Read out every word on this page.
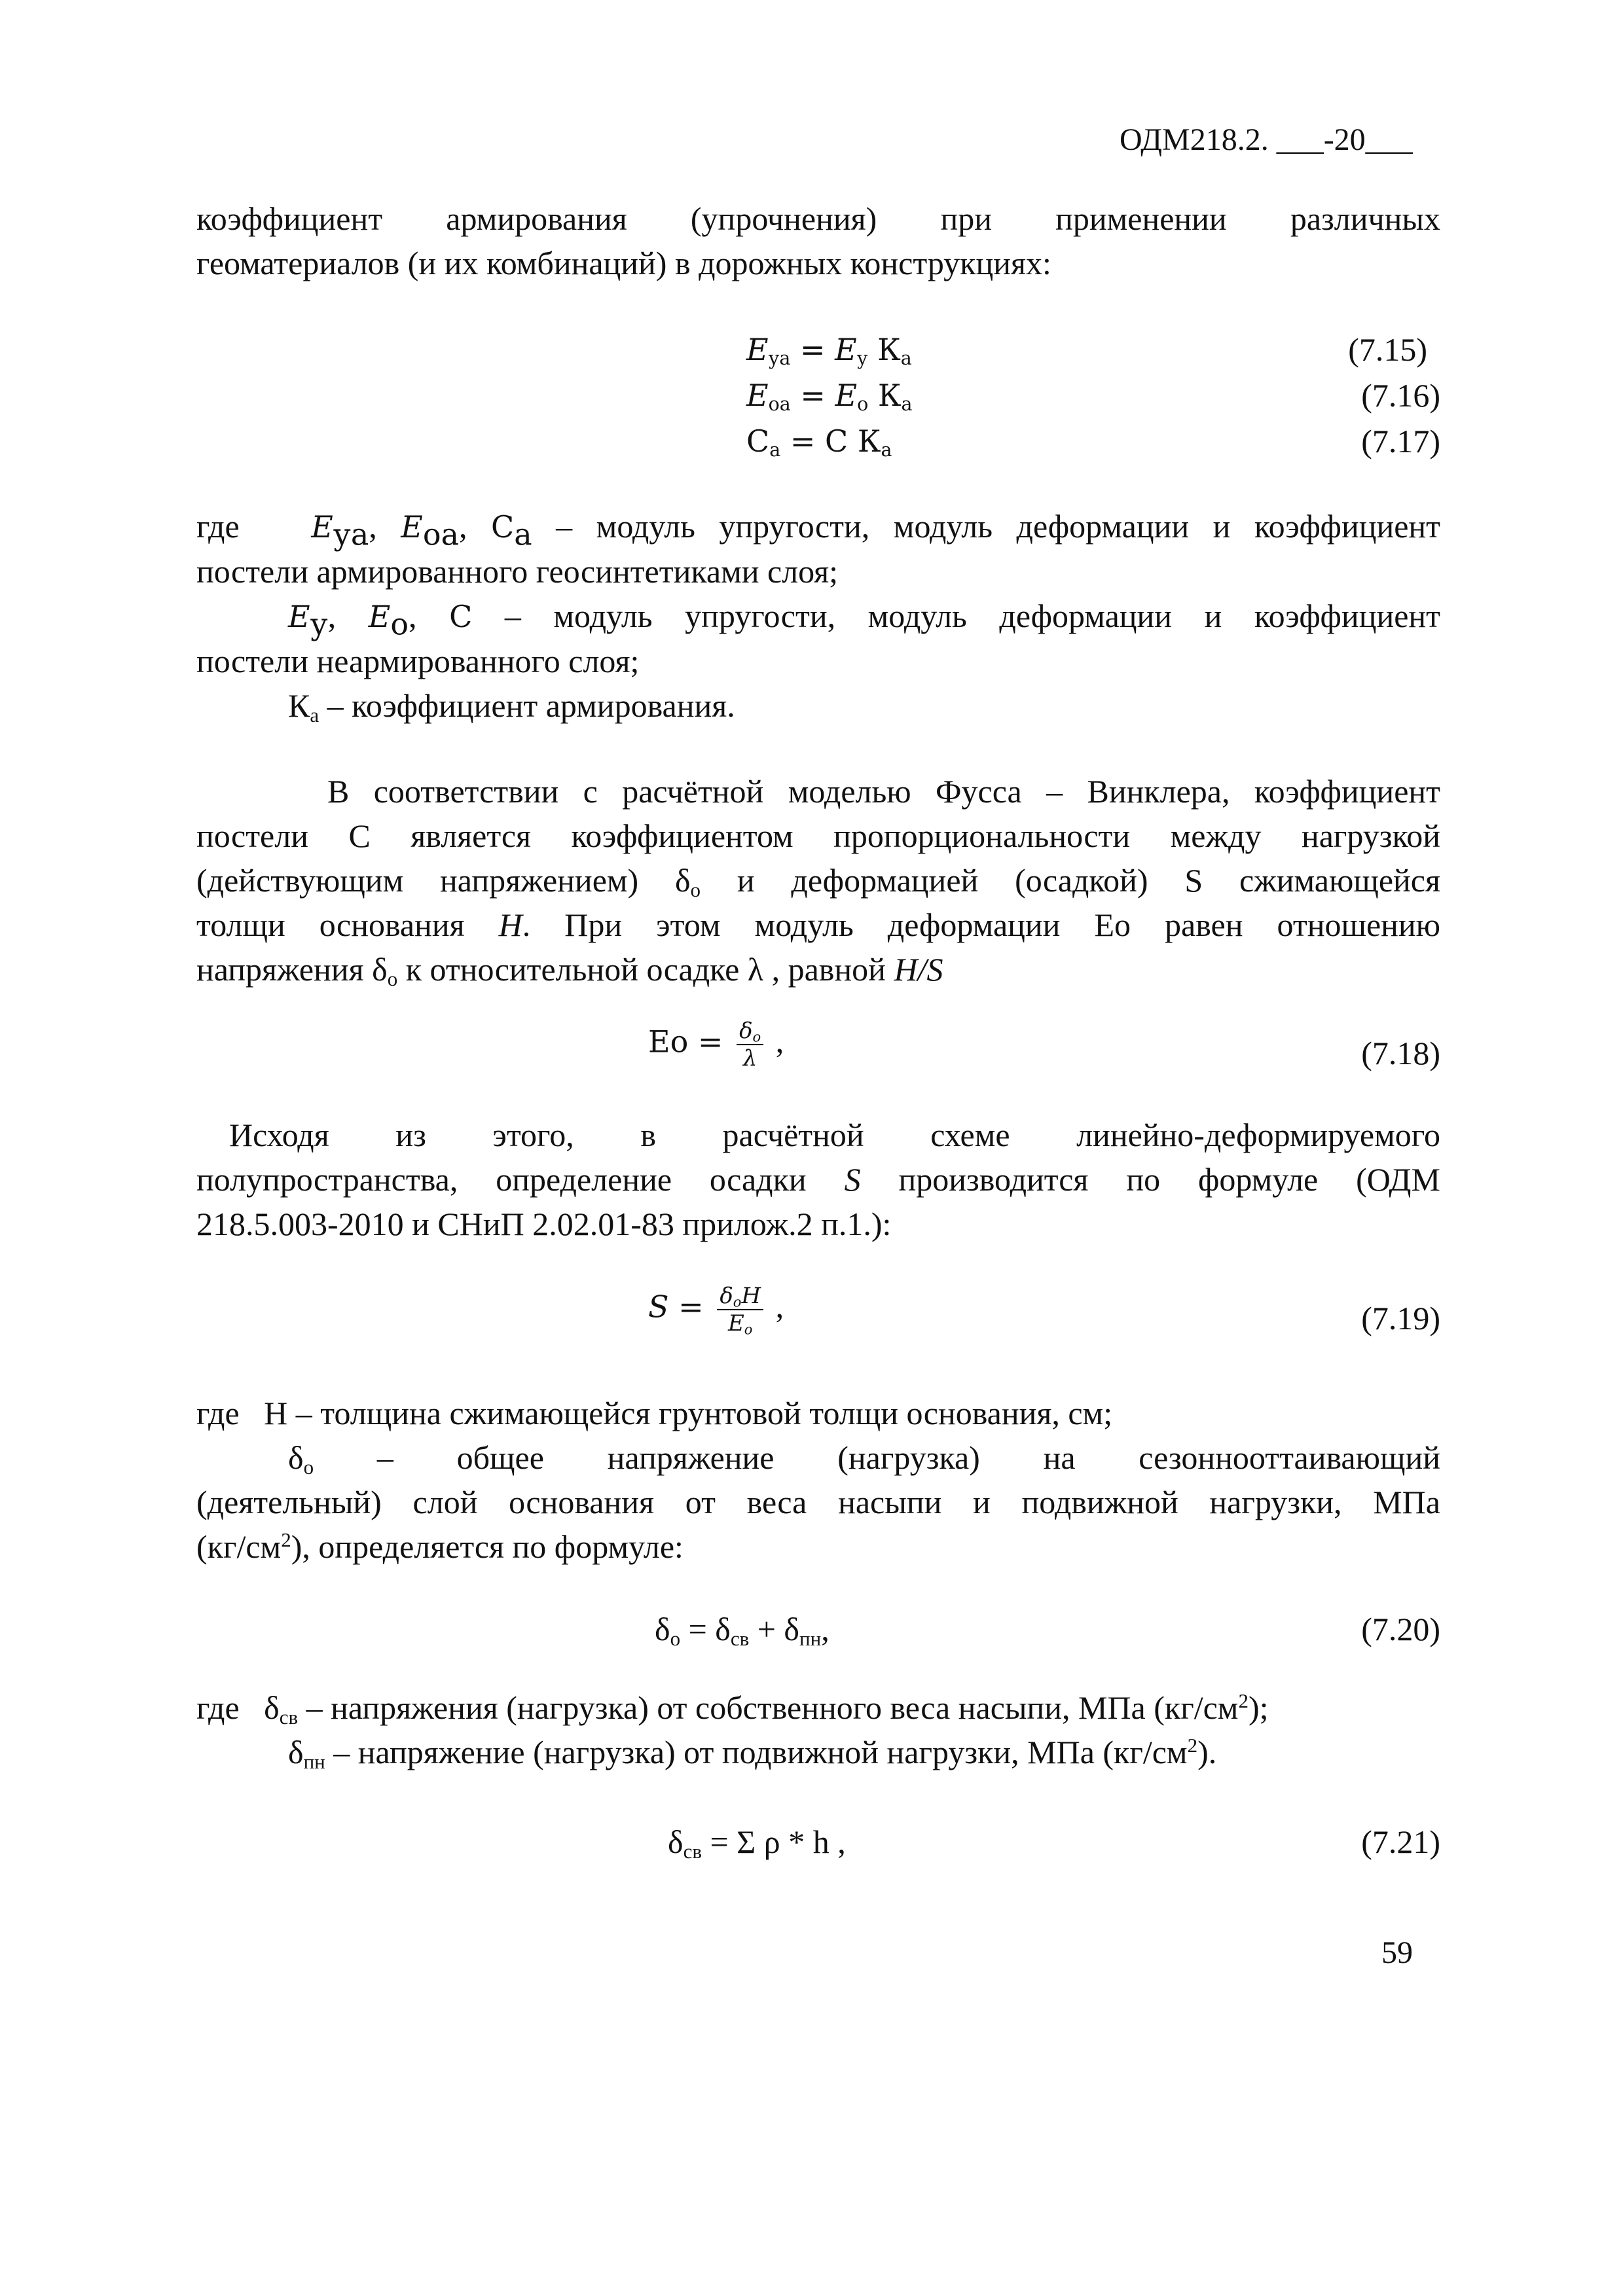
ОДМ218.2. ___-20___
коэффициент армирования (упрочнения) при применении различных
геоматериалов (и их комбинаций) в дорожных конструкциях:
$E_{уа} = E_у$ $К_а$	(7.15)
$E_{оа} = E_о$ $К_а$	(7.16)
$С_а = С$ $К_а$	(7.17)
где $E_{уа}$, $E_{оа}$, $С_а$ – модуль упругости, модуль деформации и коэффициент
постели армированного геосинтетиками слоя;
$E_у$, $E_о$, С – модуль упругости, модуль деформации и коэффициент
постели неармированного слоя;
$К_а$ – коэффициент армирования.
В соответствии с расчётной моделью Фусса – Винклера, коэффициент
постели С является коэффициентом пропорциональности между нагрузкой
(действующим напряжением) $\delta_о$ и деформацией (осадкой) S сжимающейся
толщи основания H. При этом модуль деформации Ео равен отношению
напряжения $\delta_о$ к относительной осадке λ , равной H/S
Ео = $\frac{\delta_о}{\lambda}$ ,	(7.18)
Исходя из этого, в расчётной схеме линейно-деформируемого
полупространства, определение осадки S производится по формуле (ОДМ
218.5.003-2010 и СНиП 2.02.01-83 прилож.2 п.1.):
$S = \frac{\delta_оH}{E_о}$ ,	(7.19)
где Н – толщина сжимающейся грунтовой толщи основания, см;
$\delta_о$ – общее напряжение (нагрузка) на сезоннооттаивающий
(деятельный) слой основания от веса насыпи и подвижной нагрузки, МПа
$(кг/см^2)$, определяется по формуле:
$\delta_о = \delta_{св} + \delta_{пн}$,	(7.20)
где $\delta_{св}$ – напряжения (нагрузка) от собственного веса насыпи, МПа $(кг/см^2)$;
$\delta_{пн}$ – напряжение (нагрузка) от подвижной нагрузки, МПа $(кг/см^2)$.
$\delta_{св} = \Sigma$ ρ * h ,	(7.21)
59
